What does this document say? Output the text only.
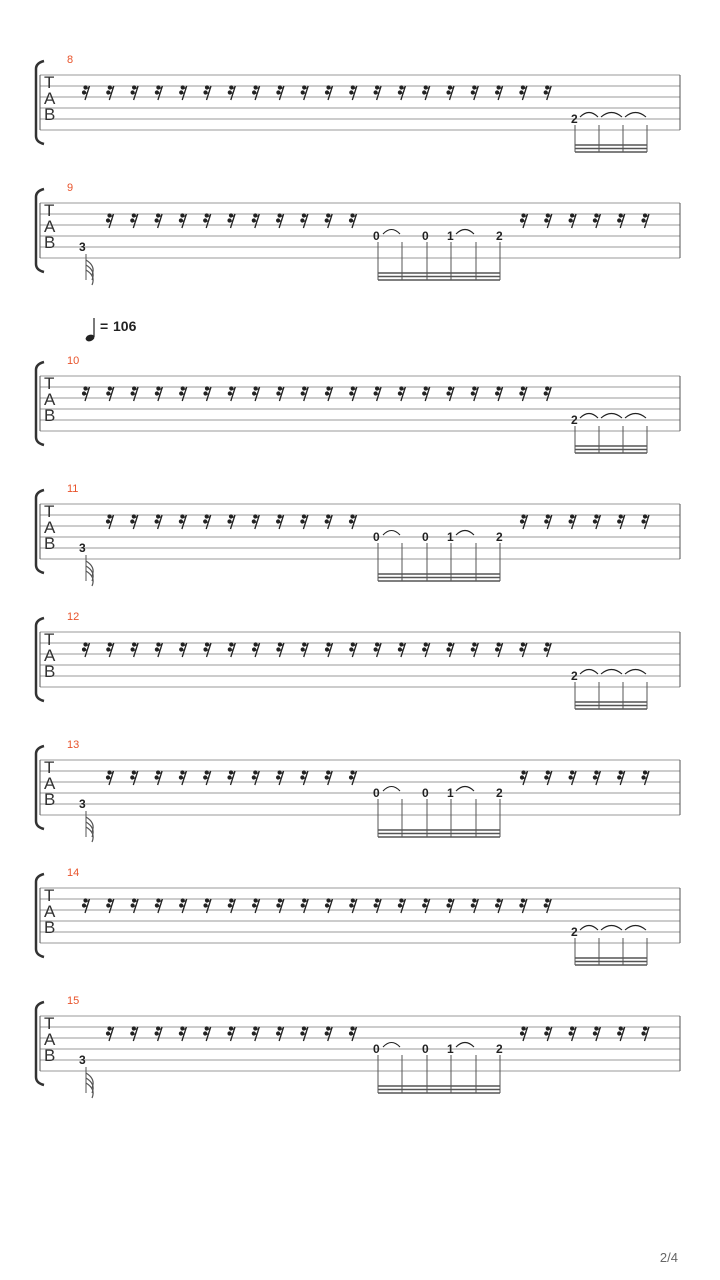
= 106
T
A
B
8
2
T
A
B
9
3
0	0 1	2
T
A
B
10
2
T
A
B
11
3
0	0 1	2
T
A
B
12
2
T
A
B
13
3
0	0 1	2
T
A
B
14
2
T
A
B
15
3
0	0 1	2
2/4
